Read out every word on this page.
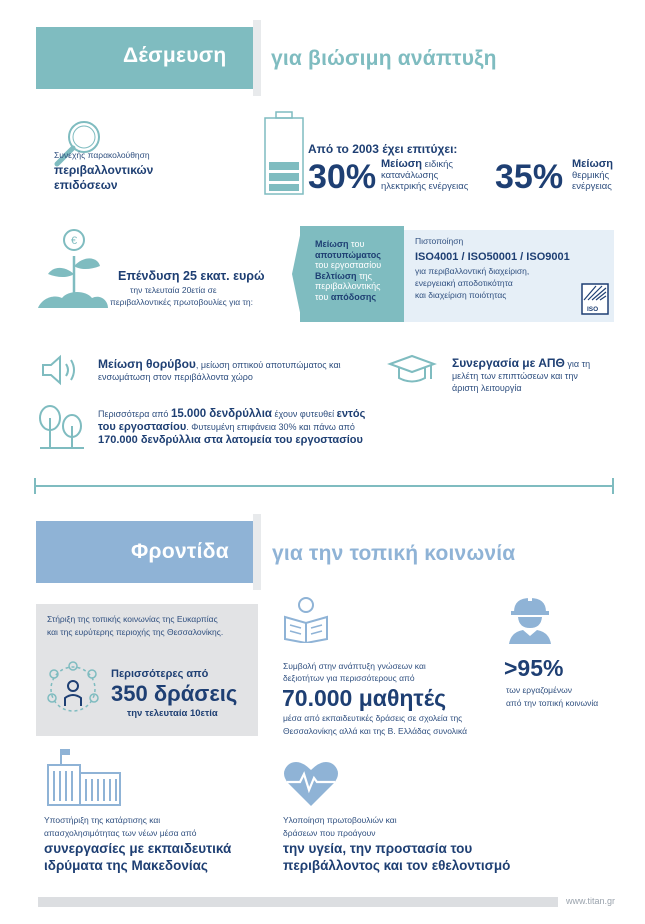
Δέσμευση για βιώσιμη ανάπτυξη
Συνεχής παρακολούθηση
περιβαλλοντικών
επιδόσεων
Από το 2003 έχει επιτύχει:
30% Μείωση ειδικής
κατανάλωσης
ηλεκτρικής ενέργειας 35% Μείωση
θερμικής
ενέργειας
€
Επένδυση 25 εκατ. ευρώ
την τελευταία 20ετία σε
περιβαλλοντικές πρωτοβουλίες για τη:
Μείωση του
αποτυπώματος
του εργοστασίου
Βελτίωση της
περιβαλλοντικής
του απόδοσης
Πιστοποίηση
ISO4001 / ISO50001 / ISO9001
για περιβαλλοντική διαχείριση,
ενεργειακή αποδοτικότητα
και διαχείριση ποιότητας
ISO
Μείωση θορύβου, μείωση οπτικού αποτυπώματος και
ενσωμάτωση στον περιβάλλοντα χώρο
Συνεργασία με ΑΠΘ για τη
μελέτη των επιπτώσεων και την
άριστη λειτουργία
Περισσότερα από 15.000 δενδρύλλια έχουν φυτευθεί εντός
του εργοστασίου. Φυτευμένη επιφάνεια 30% και πάνω από
170.000 δενδρύλλια στα λατομεία του εργοστασίου
Φροντίδα για την τοπική κοινωνία
Στήριξη της τοπικής κοινωνίας της Ευκαρπίας
και της ευρύτερης περιοχής της Θεσσαλονίκης.
Περισσότερες από
350 δράσεις
την τελευταία 10ετία
Συμβολή στην ανάπτυξη γνώσεων και
δεξιοτήτων για περισσότερους από
70.000 μαθητές
μέσα από εκπαιδευτικές δράσεις σε σχολεία της
Θεσσαλονίκης αλλά και της Β. Ελλάδας συνολικά
>95%
των εργαζομένων
από την τοπική κοινωνία
Υποστήριξη της κατάρτισης και
απασχολησιμότητας των νέων μέσα από
συνεργασίες με εκπαιδευτικά
ιδρύματα της Μακεδονίας
Υλοποίηση πρωτοβουλιών και
δράσεων που προάγουν
την υγεία, την προστασία του
περιβάλλοντος και τον εθελοντισμό
www.titan.gr
